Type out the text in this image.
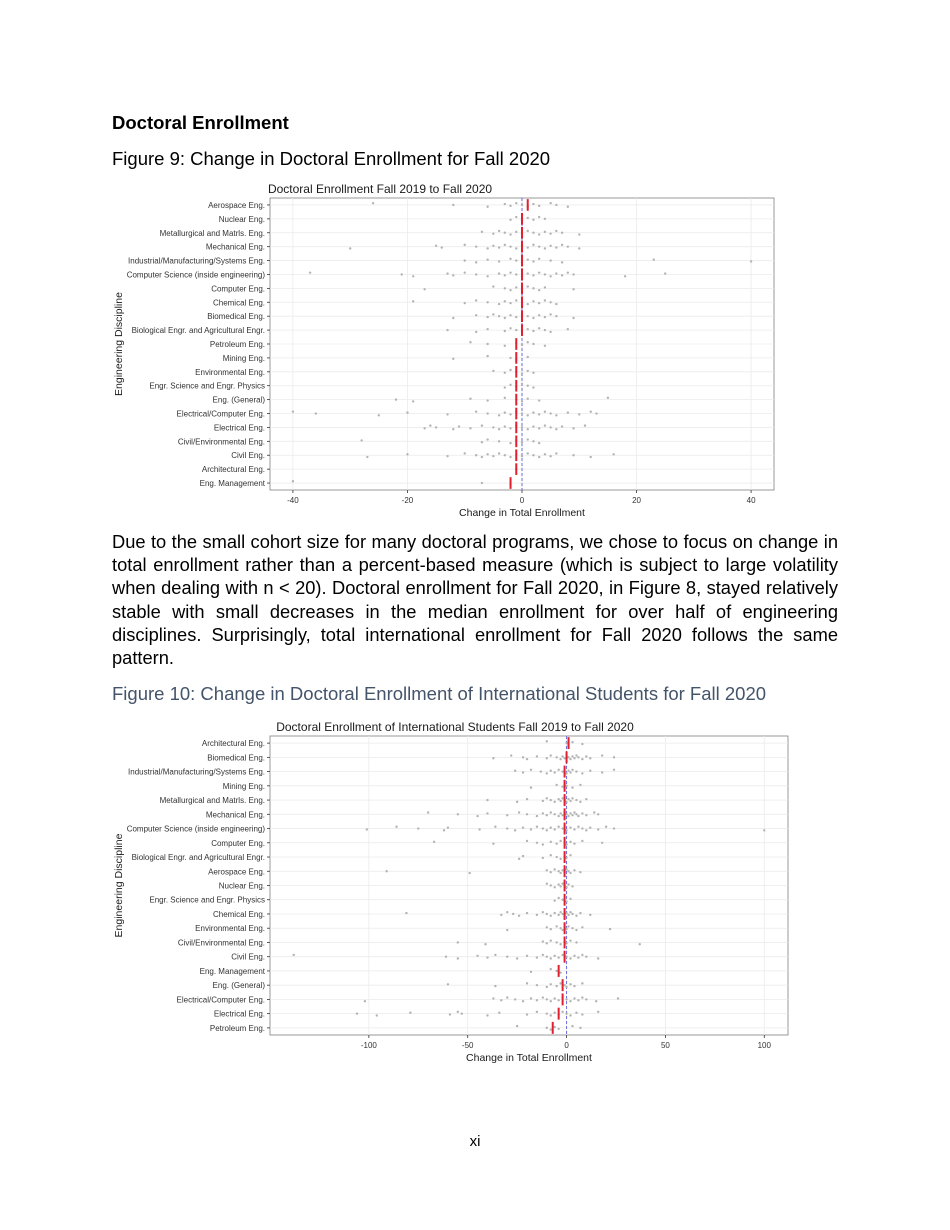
Doctoral Enrollment

Figure 9: Change in Doctoral Enrollment for Fall 2020

Doctoral Enrollment Fall 2019 to Fall 2020
Aerospace Eng.
Nuclear Eng.
Metallurgical and Matrls. Eng.
Mechanical Eng.
Industrial/Manufacturing/Systems Eng.
Computer Science (inside engineering)
Computer Eng.
Chemical Eng.
Biomedical Eng.
Biological Engr. and Agricultural Engr.
Petroleum Eng.
Mining Eng.
Environmental Eng.
Engr. Science and Engr. Physics
Eng. (General)
Electrical/Computer Eng.
Electrical Eng.
Civil/Environmental Eng.
Civil Eng.
Architectural Eng.
Eng. Management
-40	-20	0	20	40
Change in Total Enrollment
Engineering Discipline

Due to the small cohort size for many doctoral programs, we chose to focus on change in total enrollment rather than a percent-based measure (which is subject to large volatility when dealing with n < 20). Doctoral enrollment for Fall 2020, in Figure 8, stayed relatively stable with small decreases in the median enrollment for over half of engineering disciplines. Surprisingly, total international enrollment for Fall 2020 follows the same pattern.

Figure 10: Change in Doctoral Enrollment of International Students for Fall 2020

Doctoral Enrollment of International Students Fall 2019 to Fall 2020
Architectural Eng.
Biomedical Eng.
Industrial/Manufacturing/Systems Eng.
Mining Eng.
Metallurgical and Matrls. Eng.
Mechanical Eng.
Computer Science (inside engineering)
Computer Eng.
Biological Engr. and Agricultural Engr.
Aerospace Eng.
Nuclear Eng.
Engr. Science and Engr. Physics
Chemical Eng.
Environmental Eng.
Civil/Environmental Eng.
Civil Eng.
Eng. Management
Eng. (General)
Electrical/Computer Eng.
Electrical Eng.
Petroleum Eng.
-100	-50	0	50	100
Change in Total Enrollment
Engineering Discipline
xi
